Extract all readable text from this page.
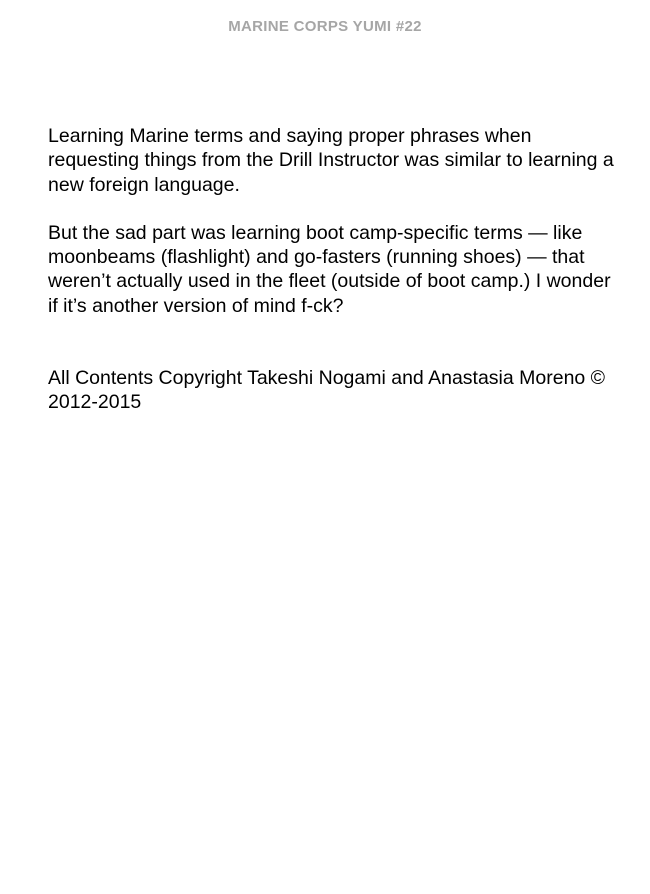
MARINE CORPS YUMI #22

Learning Marine terms and saying proper phrases when requesting things from the Drill Instructor was similar to learning a new foreign language.

But the sad part was learning boot camp-specific terms — like moonbeams (flashlight) and go-fasters (running shoes) — that weren’t actually used in the fleet (outside of boot camp.) I wonder if it’s another version of mind f-ck?

All Contents Copyright Takeshi Nogami and Anastasia Moreno © 2012-2015
